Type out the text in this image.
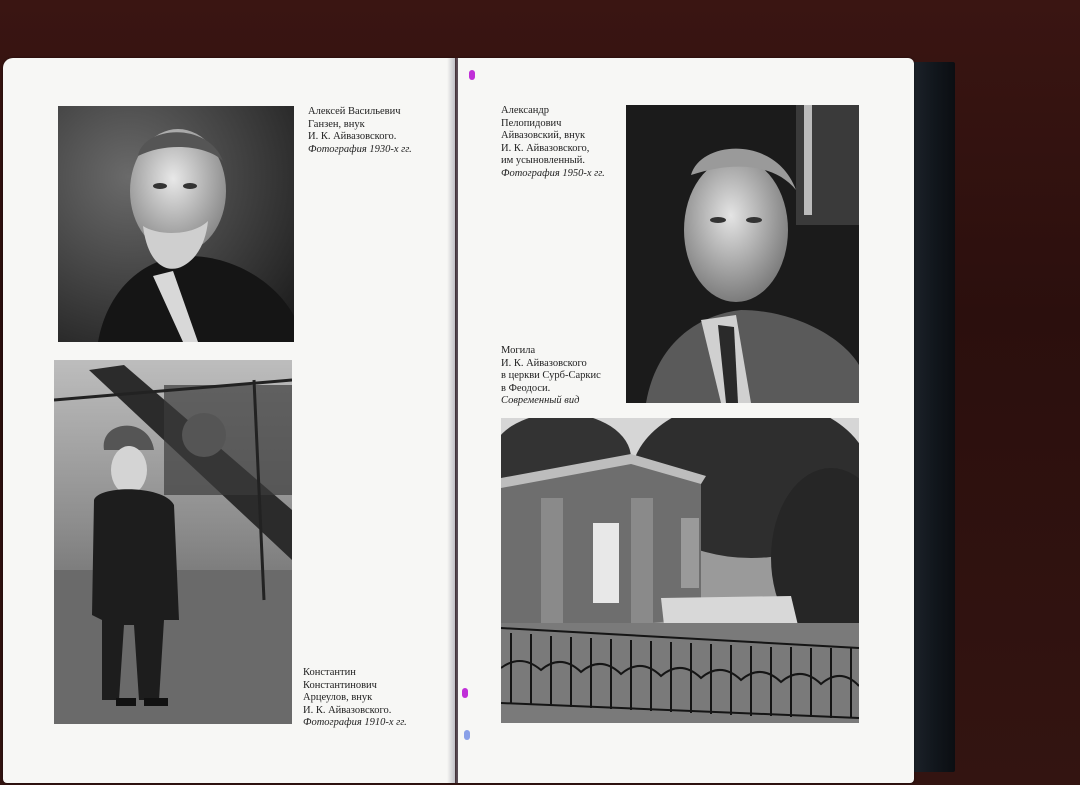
Алексей Васильевич
Ганзен, внук
И. К. Айвазовского.
Фотография 1930-х гг.

Константин
Константинович
Арцеулов, внук
И. К. Айвазовского.
Фотография 1910-х гг.
Александр
Пелопидович
Айвазовский, внук
И. К. Айвазовского,
им усыновленный.
Фотография 1950-х гг.
Могила
И. К. Айвазовского
в церкви Сурб-Саркис
в Феодоси.
Современный вид
